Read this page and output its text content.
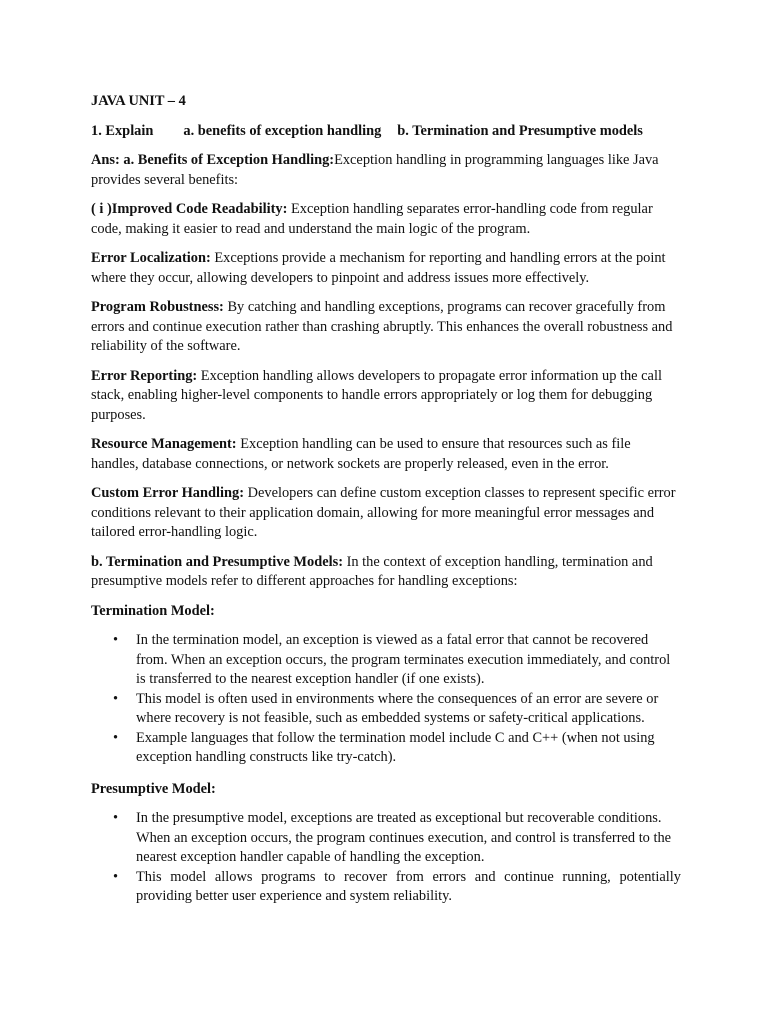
JAVA UNIT – 4

1. Explain a. benefits of exception handling b. Termination and Presumptive models

Ans: a. Benefits of Exception Handling:Exception handling in programming languages like Java provides several benefits:

( i )Improved Code Readability: Exception handling separates error-handling code from regular code, making it easier to read and understand the main logic of the program.

Error Localization: Exceptions provide a mechanism for reporting and handling errors at the point where they occur, allowing developers to pinpoint and address issues more effectively.

Program Robustness: By catching and handling exceptions, programs can recover gracefully from errors and continue execution rather than crashing abruptly. This enhances the overall robustness and reliability of the software.

Error Reporting: Exception handling allows developers to propagate error information up the call stack, enabling higher-level components to handle errors appropriately or log them for debugging purposes.

Resource Management: Exception handling can be used to ensure that resources such as file handles, database connections, or network sockets are properly released, even in the error.

Custom Error Handling: Developers can define custom exception classes to represent specific error conditions relevant to their application domain, allowing for more meaningful error messages and tailored error-handling logic.

b. Termination and Presumptive Models: In the context of exception handling, termination and presumptive models refer to different approaches for handling exceptions:

Termination Model:

• In the termination model, an exception is viewed as a fatal error that cannot be recovered from. When an exception occurs, the program terminates execution immediately, and control is transferred to the nearest exception handler (if one exists).
• This model is often used in environments where the consequences of an error are severe or where recovery is not feasible, such as embedded systems or safety-critical applications.
• Example languages that follow the termination model include C and C++ (when not using exception handling constructs like try-catch).

Presumptive Model:

• In the presumptive model, exceptions are treated as exceptional but recoverable conditions. When an exception occurs, the program continues execution, and control is transferred to the nearest exception handler capable of handling the exception.
• This model allows programs to recover from errors and continue running, potentially providing better user experience and system reliability.
